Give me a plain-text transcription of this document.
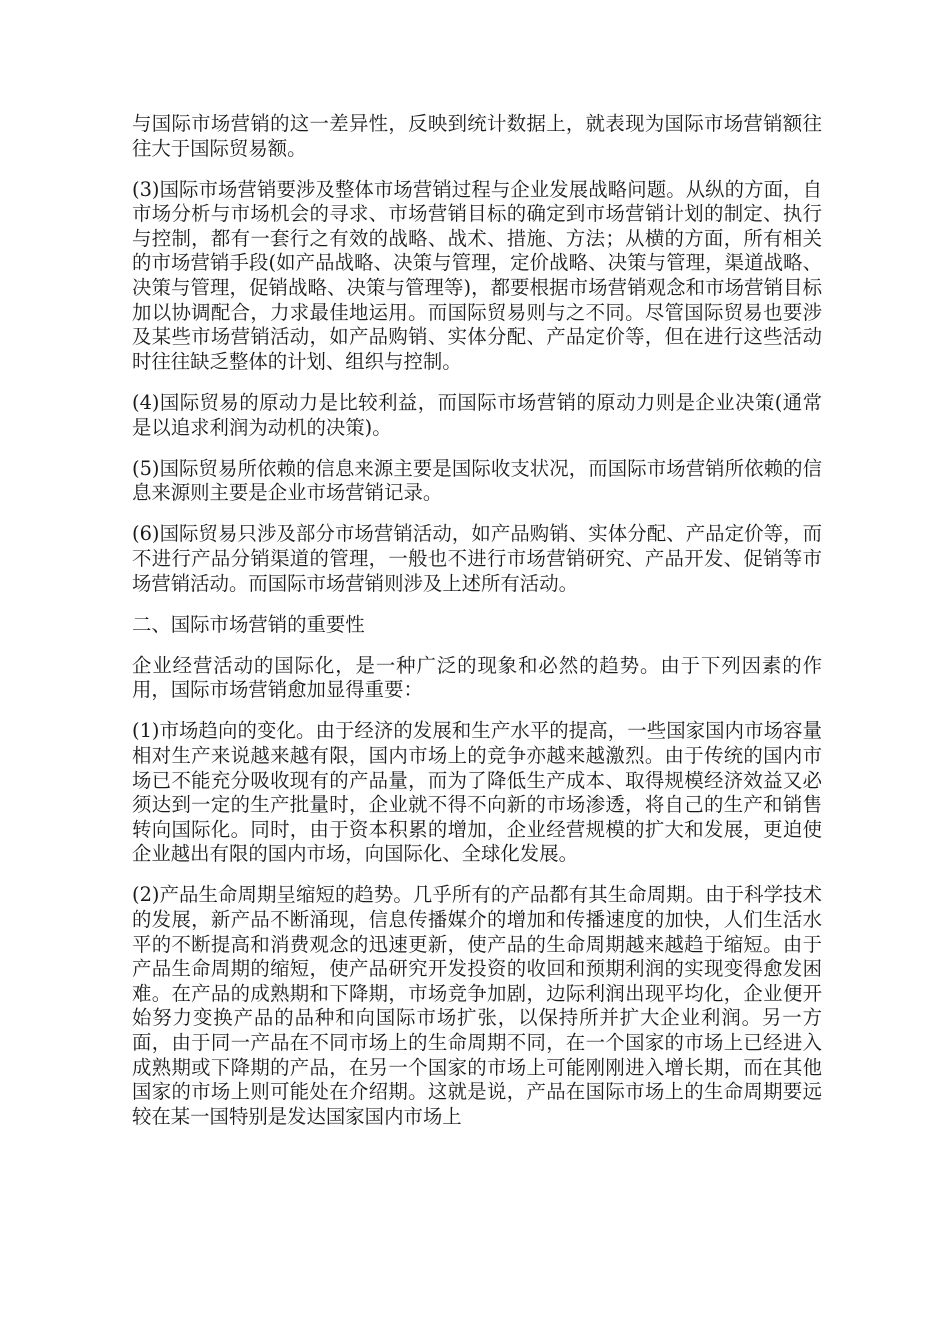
与国际市场营销的这一差异性，反映到统计数据上，就表现为国际市场营销额往往大于国际贸易额。

(3)国际市场营销要涉及整体市场营销过程与企业发展战略问题。从纵的方面，自市场分析与市场机会的寻求、市场营销目标的确定到市场营销计划的制定、执行与控制，都有一套行之有效的战略、战术、措施、方法；从横的方面，所有相关的市场营销手段(如产品战略、决策与管理，定价战略、决策与管理，渠道战略、决策与管理，促销战略、决策与管理等)，都要根据市场营销观念和市场营销目标加以协调配合，力求最佳地运用。而国际贸易则与之不同。尽管国际贸易也要涉及某些市场营销活动，如产品购销、实体分配、产品定价等，但在进行这些活动时往往缺乏整体的计划、组织与控制。

(4)国际贸易的原动力是比较利益，而国际市场营销的原动力则是企业决策(通常是以追求利润为动机的决策)。

(5)国际贸易所依赖的信息来源主要是国际收支状况，而国际市场营销所依赖的信息来源则主要是企业市场营销记录。

(6)国际贸易只涉及部分市场营销活动，如产品购销、实体分配、产品定价等，而不进行产品分销渠道的管理，一般也不进行市场营销研究、产品开发、促销等市场营销活动。而国际市场营销则涉及上述所有活动。

二、国际市场营销的重要性

企业经营活动的国际化，是一种广泛的现象和必然的趋势。由于下列因素的作用，国际市场营销愈加显得重要：

(1)市场趋向的变化。由于经济的发展和生产水平的提高，一些国家国内市场容量相对生产来说越来越有限，国内市场上的竞争亦越来越激烈。由于传统的国内市场已不能充分吸收现有的产品量，而为了降低生产成本、取得规模经济效益又必须达到一定的生产批量时，企业就不得不向新的市场渗透，将自己的生产和销售转向国际化。同时，由于资本积累的增加，企业经营规模的扩大和发展，更迫使企业越出有限的国内市场，向国际化、全球化发展。

(2)产品生命周期呈缩短的趋势。几乎所有的产品都有其生命周期。由于科学技术的发展，新产品不断涌现，信息传播媒介的增加和传播速度的加快，人们生活水平的不断提高和消费观念的迅速更新，使产品的生命周期越来越趋于缩短。由于产品生命周期的缩短，使产品研究开发投资的收回和预期利润的实现变得愈发困难。在产品的成熟期和下降期，市场竞争加剧，边际利润出现平均化，企业便开始努力变换产品的品种和向国际市场扩张，以保持所并扩大企业利润。另一方面，由于同一产品在不同市场上的生命周期不同，在一个国家的市场上已经进入成熟期或下降期的产品，在另一个国家的市场上可能刚刚进入增长期，而在其他国家的市场上则可能处在介绍期。这就是说，产品在国际市场上的生命周期要远较在某一国特别是发达国家国内市场上
